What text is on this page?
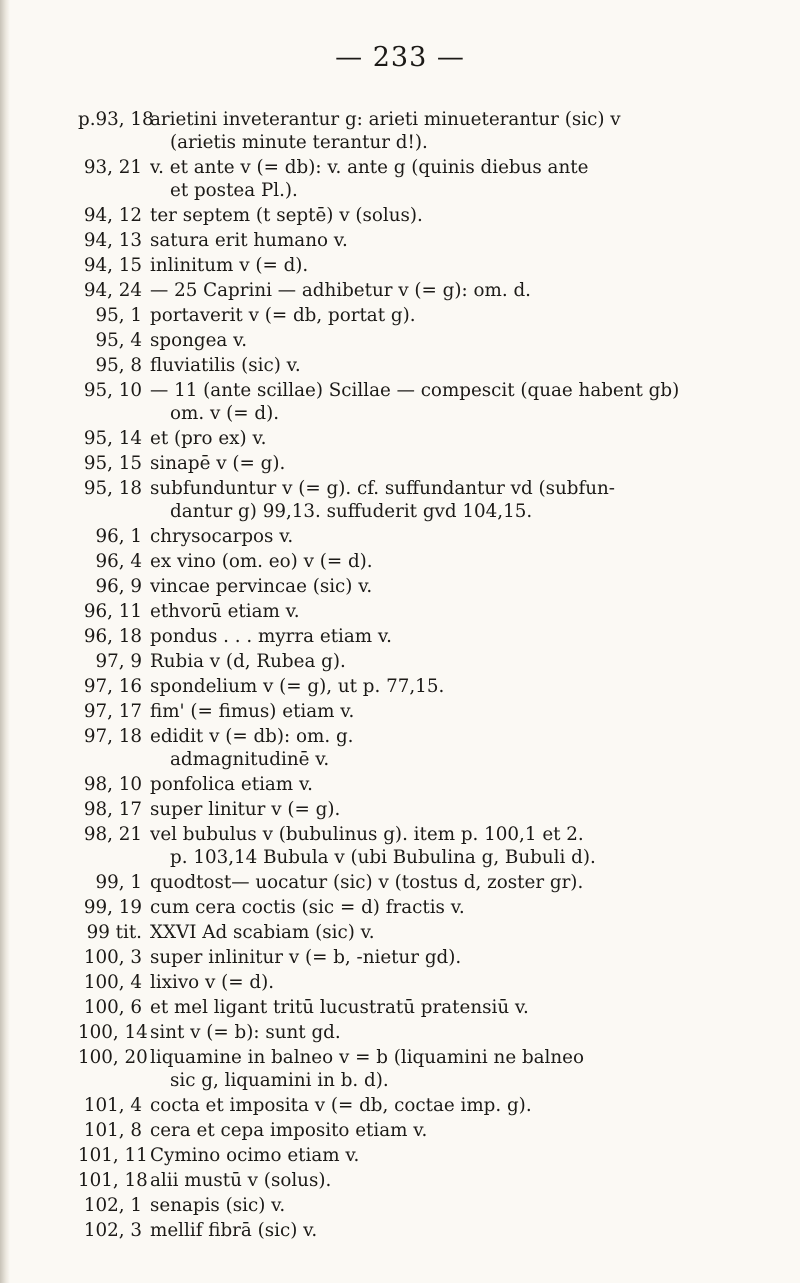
— 233 —
p.93, 18
arietini inveterantur g: arieti minueterantur (sic) v
(arietis minute terantur d!).
93, 21 v. et ante v (= db): v. ante g (quinis diebus ante
et postea Pl.).
94, 12 ter septem (t septē) v (solus).
94, 13 satura erit humano v.
94, 15 inlinitum v (= d).
94, 24 — 25 Caprini — adhibetur v (= g): om. d.
95, 1 portaverit v (= db, portat g).
95, 4 spongea v.
95, 8 fluviatilis (sic) v.
95, 10 — 11 (ante scillae) Scillae — compescit (quae habent gb)
om. v (= d).
95, 14 et (pro ex) v.
95, 15 sinapē v (= g).
95, 18 subfunduntur v (= g). cf. suffundantur vd (subfun-
dantur g) 99,13. suffuderit gvd 104,15.
96, 1 chrysocarpos v.
96, 4 ex vino (om. eo) v (= d).
96, 9 vincae pervincae (sic) v.
96, 11 ethvorū etiam v.
96, 18 pondus . . . myrra etiam v.
97, 9 Rubia v (d, Rubea g).
97, 16 spondelium v (= g), ut p. 77,15.
97, 17 fim' (= fimus) etiam v.
97, 18 edidit v (= db): om. g.
admagnitudinē v.
98, 10 ponfolica etiam v.
98, 17 super linitur v (= g).
98, 21 vel bubulus v (bubulinus g). item p. 100,1 et 2.
p. 103,14 Bubula v (ubi Bubulina g, Bubuli d).
99, 1 quodtost— uocatur (sic) v (tostus d, zoster gr).
99, 19 cum cera coctis (sic = d) fractis v.
99 tit. XXVI Ad scabiam (sic) v.
100, 3 super inlinitur v (= b, -nietur gd).
100, 4 lixivo v (= d).
100, 6 et mel ligant tritū lucustratū pratensiū v.
100, 14 sint v (= b): sunt gd.
100, 20 liquamine in balneo v = b (liquamini ne balneo
sic g, liquamini in b. d).
101, 4 cocta et imposita v (= db, coctae imp. g).
101, 8 cera et cepa imposito etiam v.
101, 11 Cymino ocimo etiam v.
101, 18 alii mustū v (solus).
102, 1 senapis (sic) v.
102, 3 mellif fibrā (sic) v.
